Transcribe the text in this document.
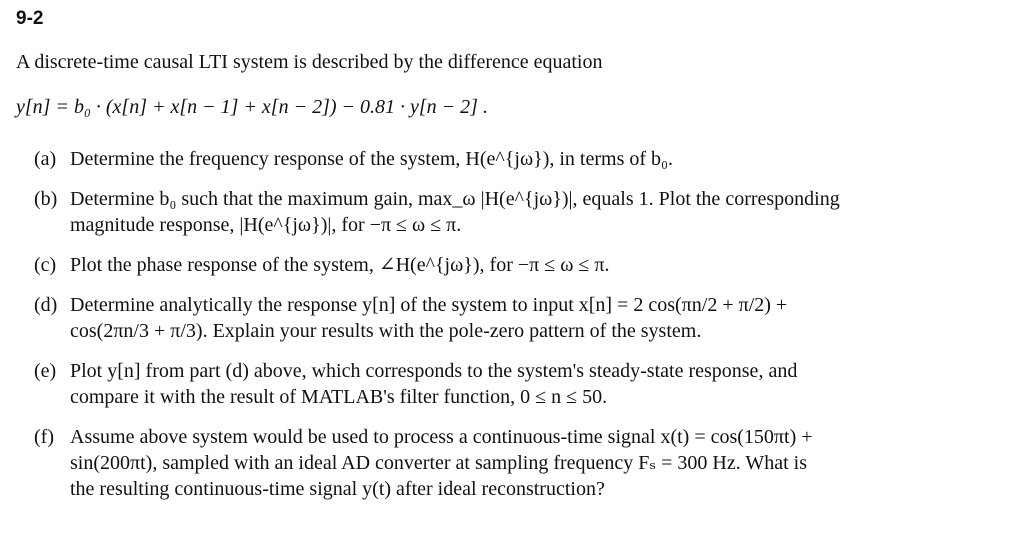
9-2
A discrete-time causal LTI system is described by the difference equation
y[n] = b₀ · (x[n] + x[n − 1] + x[n − 2]) − 0.81 · y[n − 2] .
(a) Determine the frequency response of the system, H(e^{jω}), in terms of b₀.
(b) Determine b₀ such that the maximum gain, max_ω |H(e^{jω})|, equals 1. Plot the corresponding
magnitude response, |H(e^{jω})|, for −π ≤ ω ≤ π.
(c) Plot the phase response of the system, ∠H(e^{jω}), for −π ≤ ω ≤ π.
(d) Determine analytically the response y[n] of the system to input x[n] = 2 cos(πn/2 + π/2) +
cos(2πn/3 + π/3). Explain your results with the pole-zero pattern of the system.
(e) Plot y[n] from part (d) above, which corresponds to the system's steady-state response, and
compare it with the result of MATLAB's filter function, 0 ≤ n ≤ 50.
(f) Assume above system would be used to process a continuous-time signal x(t) = cos(150πt) +
sin(200πt), sampled with an ideal AD converter at sampling frequency Fₛ = 300 Hz. What is
the resulting continuous-time signal y(t) after ideal reconstruction?
